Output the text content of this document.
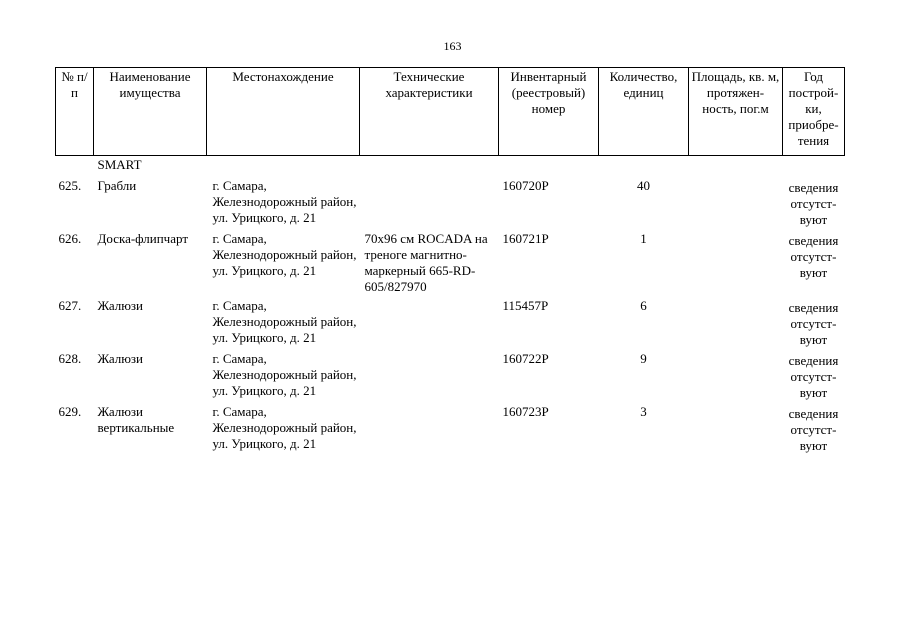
163
№ п/п	Наименование имущества	Местонахождение	Технические характеристики	Инвентарный (реестровый) номер	Количество, единиц	Площадь, кв. м, протяжен-ность, пог.м	Год построй-ки, приобре-тения
	SMART						
625.	Грабли	г. Самара, Железнодорожный район, ул. Урицкого, д. 21		160720Р	40		сведения отсутст-вуют
626.	Доска-флипчарт	г. Самара, Железнодорожный район, ул. Урицкого, д. 21	70х96 см ROCADA на треноге магнитно-маркерный 665-RD-605/827970	160721Р	1		сведения отсутст-вуют
627.	Жалюзи	г. Самара, Железнодорожный район, ул. Урицкого, д. 21		115457Р	6		сведения отсутст-вуют
628.	Жалюзи	г. Самара, Железнодорожный район, ул. Урицкого, д. 21		160722Р	9		сведения отсутст-вуют
629.	Жалюзи вертикальные	г. Самара, Железнодорожный район, ул. Урицкого, д. 21		160723Р	3		сведения отсутст-вуют
